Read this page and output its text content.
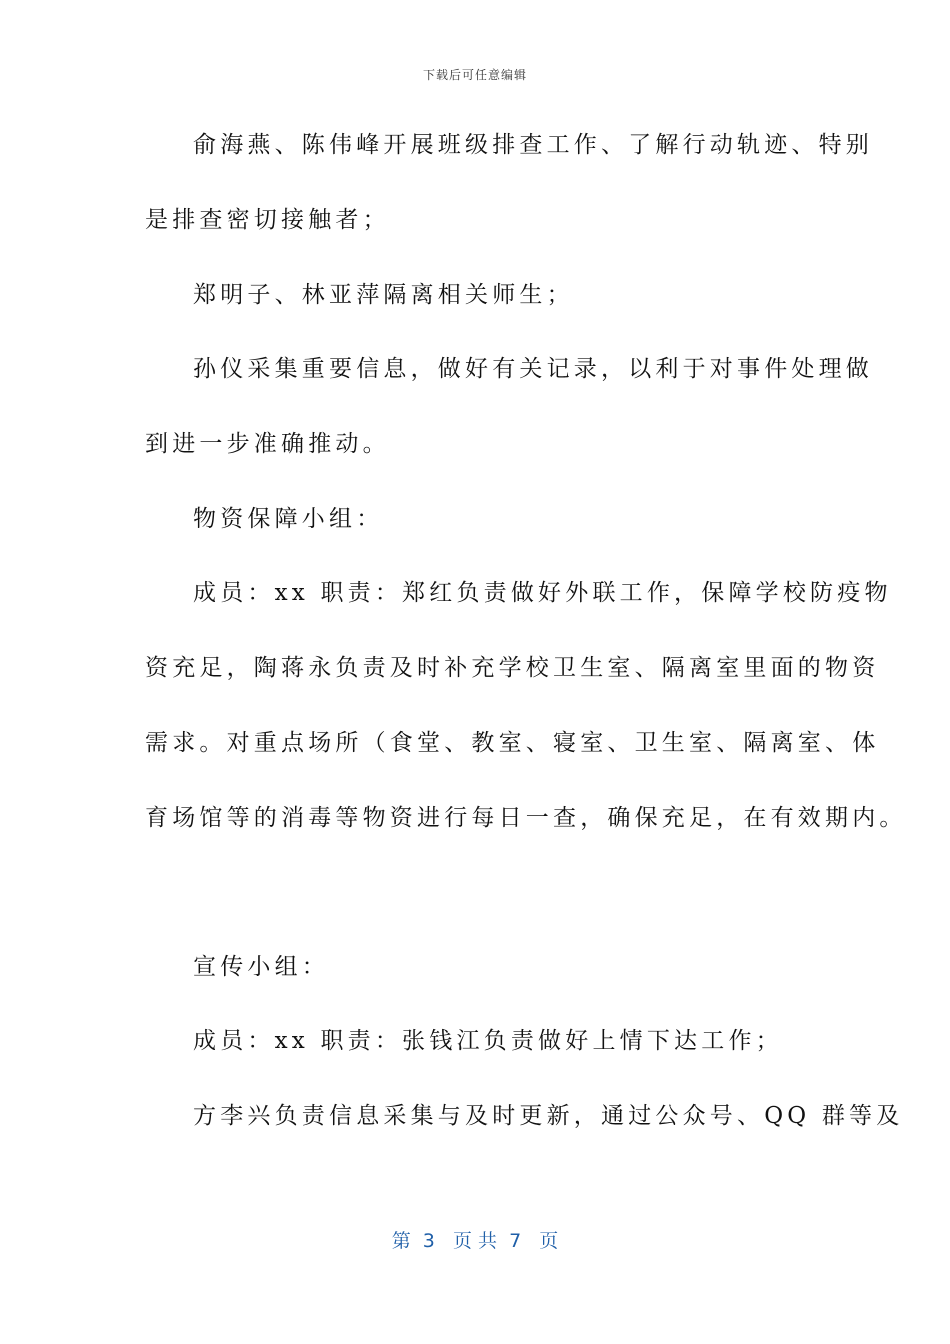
下载后可任意编辑
俞海燕、陈伟峰开展班级排查工作、了解行动轨迹、特别
是排查密切接触者；
郑明子、林亚萍隔离相关师生；
孙仪采集重要信息，做好有关记录，以利于对事件处理做
到进一步准确推动。
物资保障小组：
成员：xx 职责：郑红负责做好外联工作，保障学校防疫物
资充足，陶蒋永负责及时补充学校卫生室、隔离室里面的物资
需求。对重点场所（食堂、教室、寝室、卫生室、隔离室、体
育场馆等的消毒等物资进行每日一查，确保充足，在有效期内。
宣传小组：
成员：xx 职责：张钱江负责做好上情下达工作；
方李兴负责信息采集与及时更新，通过公众号、QQ 群等及
第  3   页 共  7   页
